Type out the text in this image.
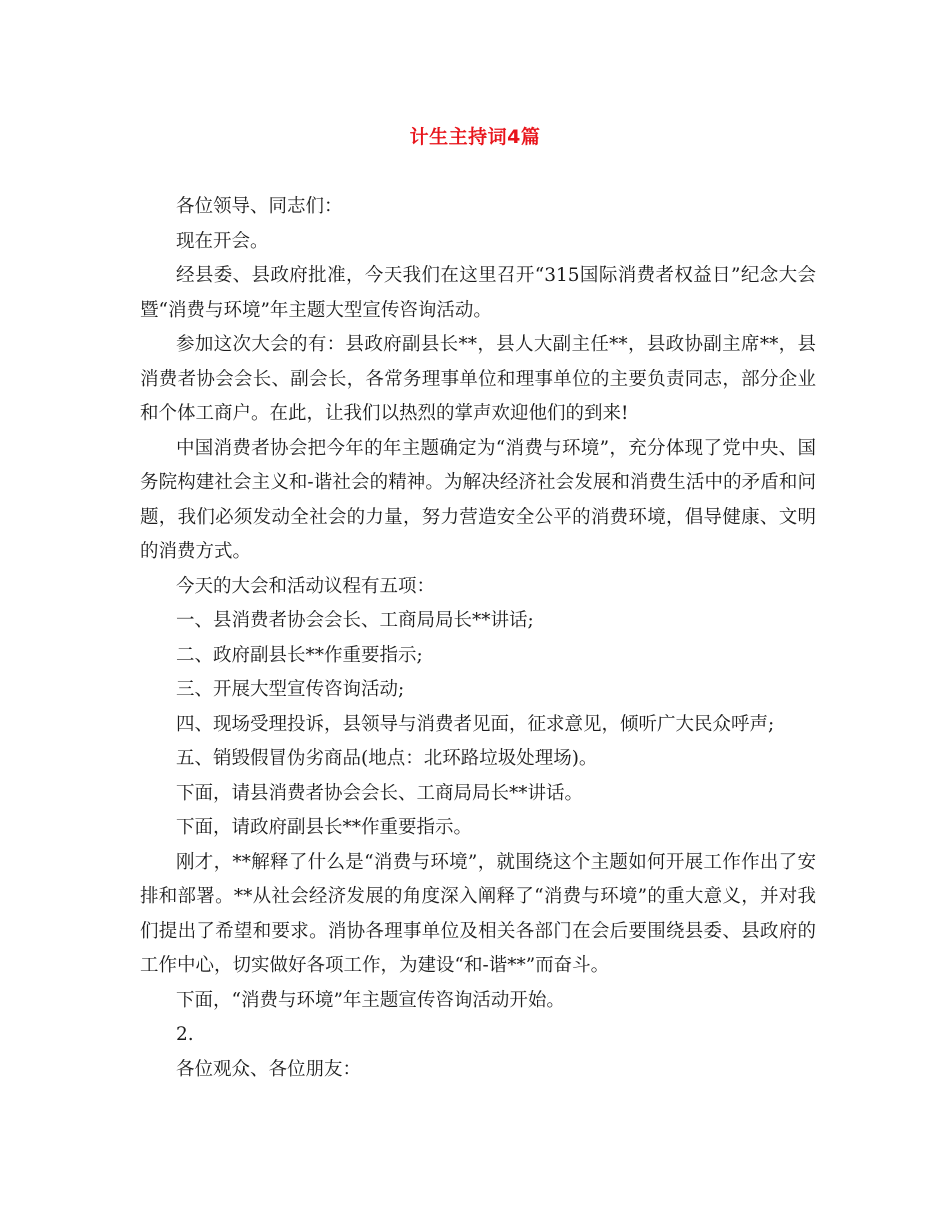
计生主持词4篇

各位领导、同志们：

现在开会。

经县委、县政府批准，今天我们在这里召开“315国际消费者权益日”纪念大会暨“消费与环境”年主题大型宣传咨询活动。

参加这次大会的有：县政府副县长**，县人大副主任**，县政协副主席**，县消费者协会会长、副会长，各常务理事单位和理事单位的主要负责同志，部分企业和个体工商户。在此，让我们以热烈的掌声欢迎他们的到来!

中国消费者协会把今年的年主题确定为“消费与环境”，充分体现了党中央、国务院构建社会主义和-谐社会的精神。为解决经济社会发展和消费生活中的矛盾和问题，我们必须发动全社会的力量，努力营造安全公平的消费环境，倡导健康、文明的消费方式。

今天的大会和活动议程有五项：

一、县消费者协会会长、工商局局长**讲话;

二、政府副县长**作重要指示;

三、开展大型宣传咨询活动;

四、现场受理投诉，县领导与消费者见面，征求意见，倾听广大民众呼声;

五、销毁假冒伪劣商品(地点：北环路垃圾处理场)。

下面，请县消费者协会会长、工商局局长**讲话。

下面，请政府副县长**作重要指示。

刚才，**解释了什么是“消费与环境”，就围绕这个主题如何开展工作作出了安排和部署。**从社会经济发展的角度深入阐释了“消费与环境”的重大意义，并对我们提出了希望和要求。消协各理事单位及相关各部门在会后要围绕县委、县政府的工作中心，切实做好各项工作，为建设“和-谐**”而奋斗。

下面，“消费与环境”年主题宣传咨询活动开始。

2.

各位观众、各位朋友：
